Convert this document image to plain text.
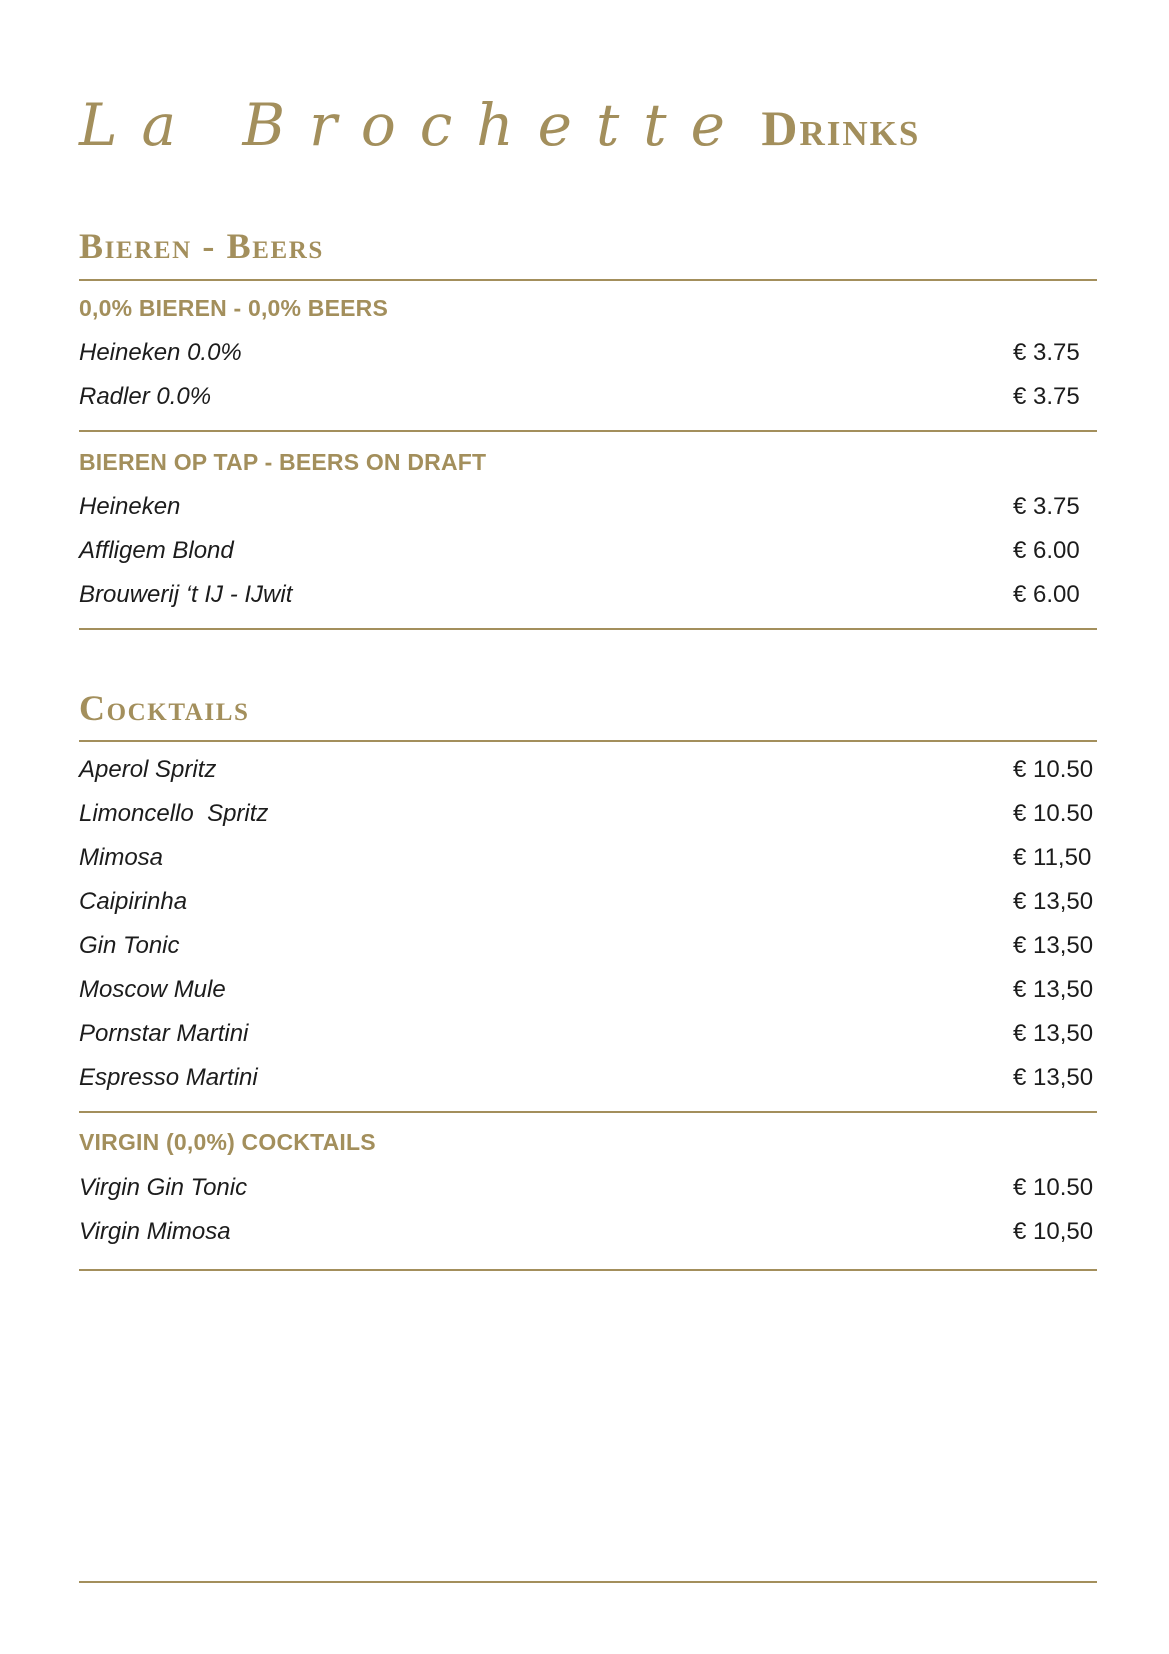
La Brochette Drinks
Bieren - Beers
0,0% BIEREN - 0,0% BEERS
Heineken 0.0%	€ 3.75
Radler 0.0%	€ 3.75
BIEREN OP TAP - BEERS ON DRAFT
Heineken	€ 3.75
Affligem Blond	€ 6.00
Brouwerij ‘t IJ - IJwit	€ 6.00
Cocktails
Aperol Spritz	€ 10.50
Limoncello  Spritz	€ 10.50
Mimosa	€ 11,50
Caipirinha	€ 13,50
Gin Tonic	€ 13,50
Moscow Mule	€ 13,50
Pornstar Martini	€ 13,50
Espresso Martini	€ 13,50
VIRGIN (0,0%) COCKTAILS
Virgin Gin Tonic	€ 10.50
Virgin Mimosa	€ 10,50
